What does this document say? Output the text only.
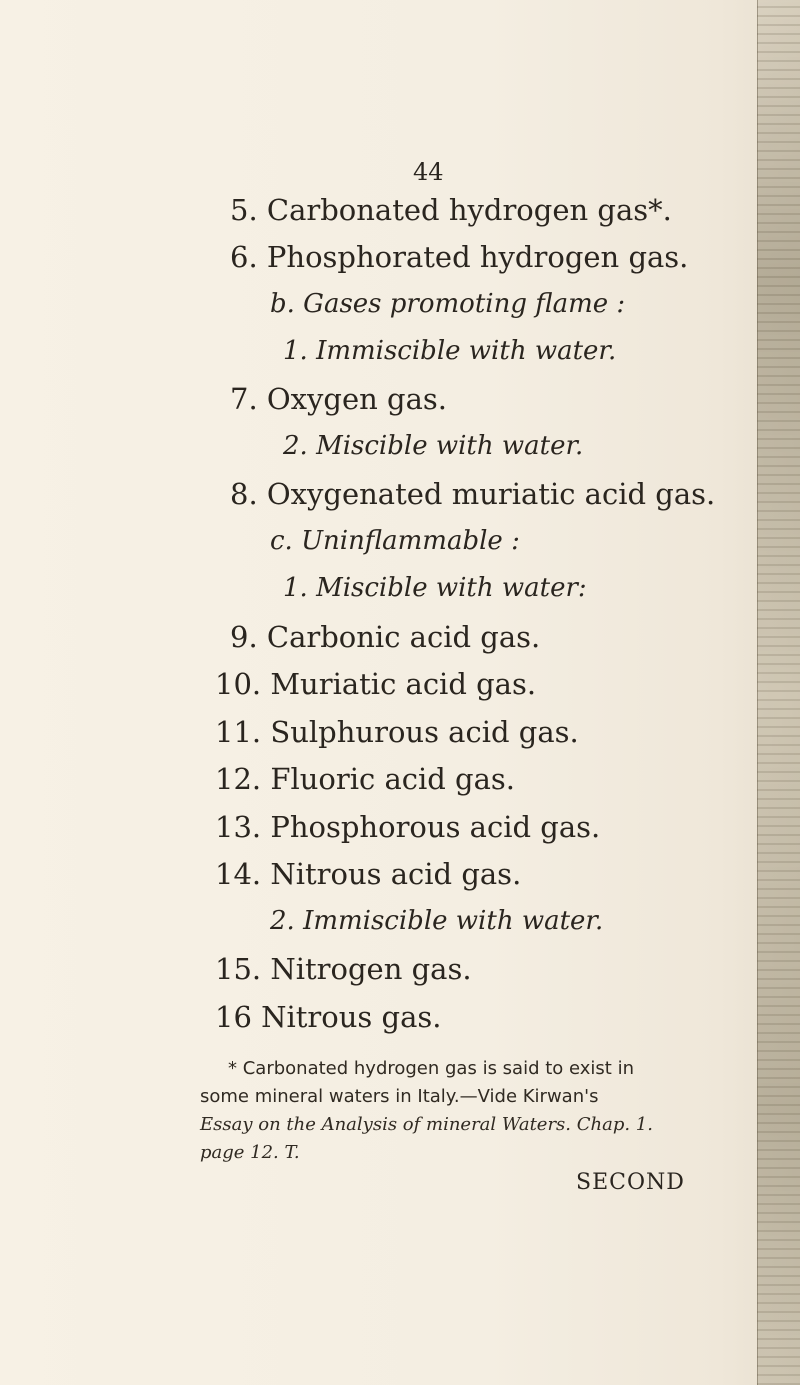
44
5. Carbonated hydrogen gas*.
6. Phosphorated hydrogen gas.
b. Gases promoting flame :
1. Immiscible with water.
7. Oxygen gas.
2. Miscible with water.
8. Oxygenated muriatic acid gas.
c. Uninflammable :
1. Miscible with water:
9. Carbonic acid gas.
10. Muriatic acid gas.
11. Sulphurous acid gas.
12. Fluoric acid gas.
13. Phosphorous acid gas.
14. Nitrous acid gas.
2. Immiscible with water.
15. Nitrogen gas.
16 Nitrous gas.
* Carbonated hydrogen gas is said to exist in
some mineral waters in Italy.—Vide Kirwan's
Essay on the Analysis of mineral Waters. Chap. 1.
page 12. T.
SECOND
